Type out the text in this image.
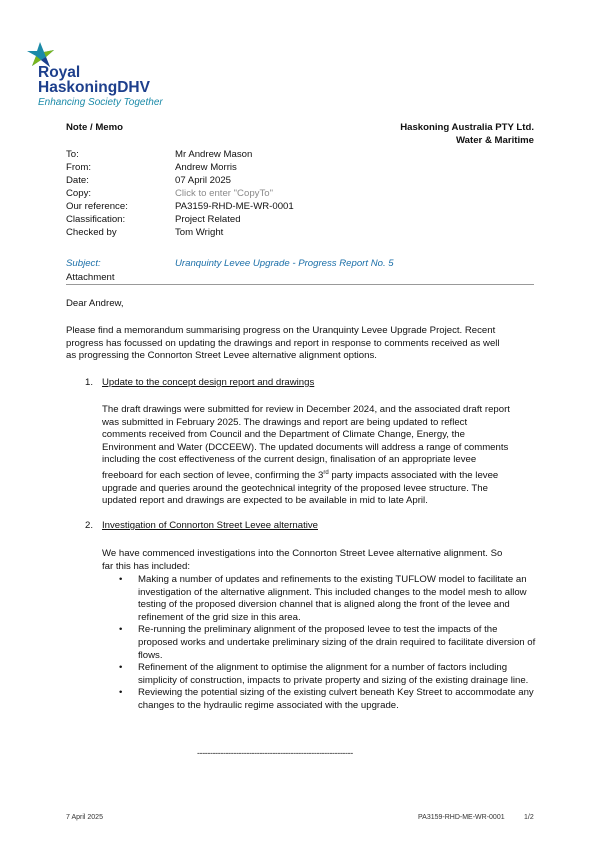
Royal
HaskoningDHV
Enhancing Society Together
Note / Memo	Haskoning Australia PTY Ltd.
Water & Maritime
To:	Mr Andrew Mason
From:	Andrew Morris
Date:	07 April 2025
Copy:	Click to enter "CopyTo"
Our reference:	PA3159-RHD-ME-WR-0001
Classification:	Project Related
Checked by	Tom Wright
Subject:	Uranquinty Levee Upgrade - Progress Report No. 5
Attachment
Dear Andrew,
Please find a memorandum summarising progress on the Uranquinty Levee Upgrade Project. Recent
progress has focussed on updating the drawings and report in response to comments received as well
as progressing the Connorton Street Levee alternative alignment options.
1. Update to the concept design report and drawings
The draft drawings were submitted for review in December 2024, and the associated draft report
was submitted in February 2025. The drawings and report are being updated to reflect
comments received from Council and the Department of Climate Change, Energy, the
Environment and Water (DCCEEW). The updated documents will address a range of comments
including the cost effectiveness of the current design, finalisation of an appropriate levee
freeboard for each section of levee, confirming the 3rd party impacts associated with the levee
upgrade and queries around the geotechnical integrity of the proposed levee structure. The
updated report and drawings are expected to be available in mid to late April.
2. Investigation of Connorton Street Levee alternative
We have commenced investigations into the Connorton Street Levee alternative alignment. So
far this has included:
• Making a number of updates and refinements to the existing TUFLOW model to facilitate an investigation of the alternative alignment. This included changes to the model mesh to allow testing of the proposed diversion channel that is aligned along the front of the levee and refinement of the grid size in this area.
• Re-running the preliminary alignment of the proposed levee to test the impacts of the proposed works and undertake preliminary sizing of the drain required to facilitate diversion of flows.
• Refinement of the alignment to optimise the alignment for a number of factors including simplicity of construction, impacts to private property and sizing of the existing drainage line.
• Reviewing the potential sizing of the existing culvert beneath Key Street to accommodate any changes to the hydraulic regime associated with the upgrade.
------------------------------------------------------------
7 April 2025	PA3159-RHD-ME-WR-0001	1/2
